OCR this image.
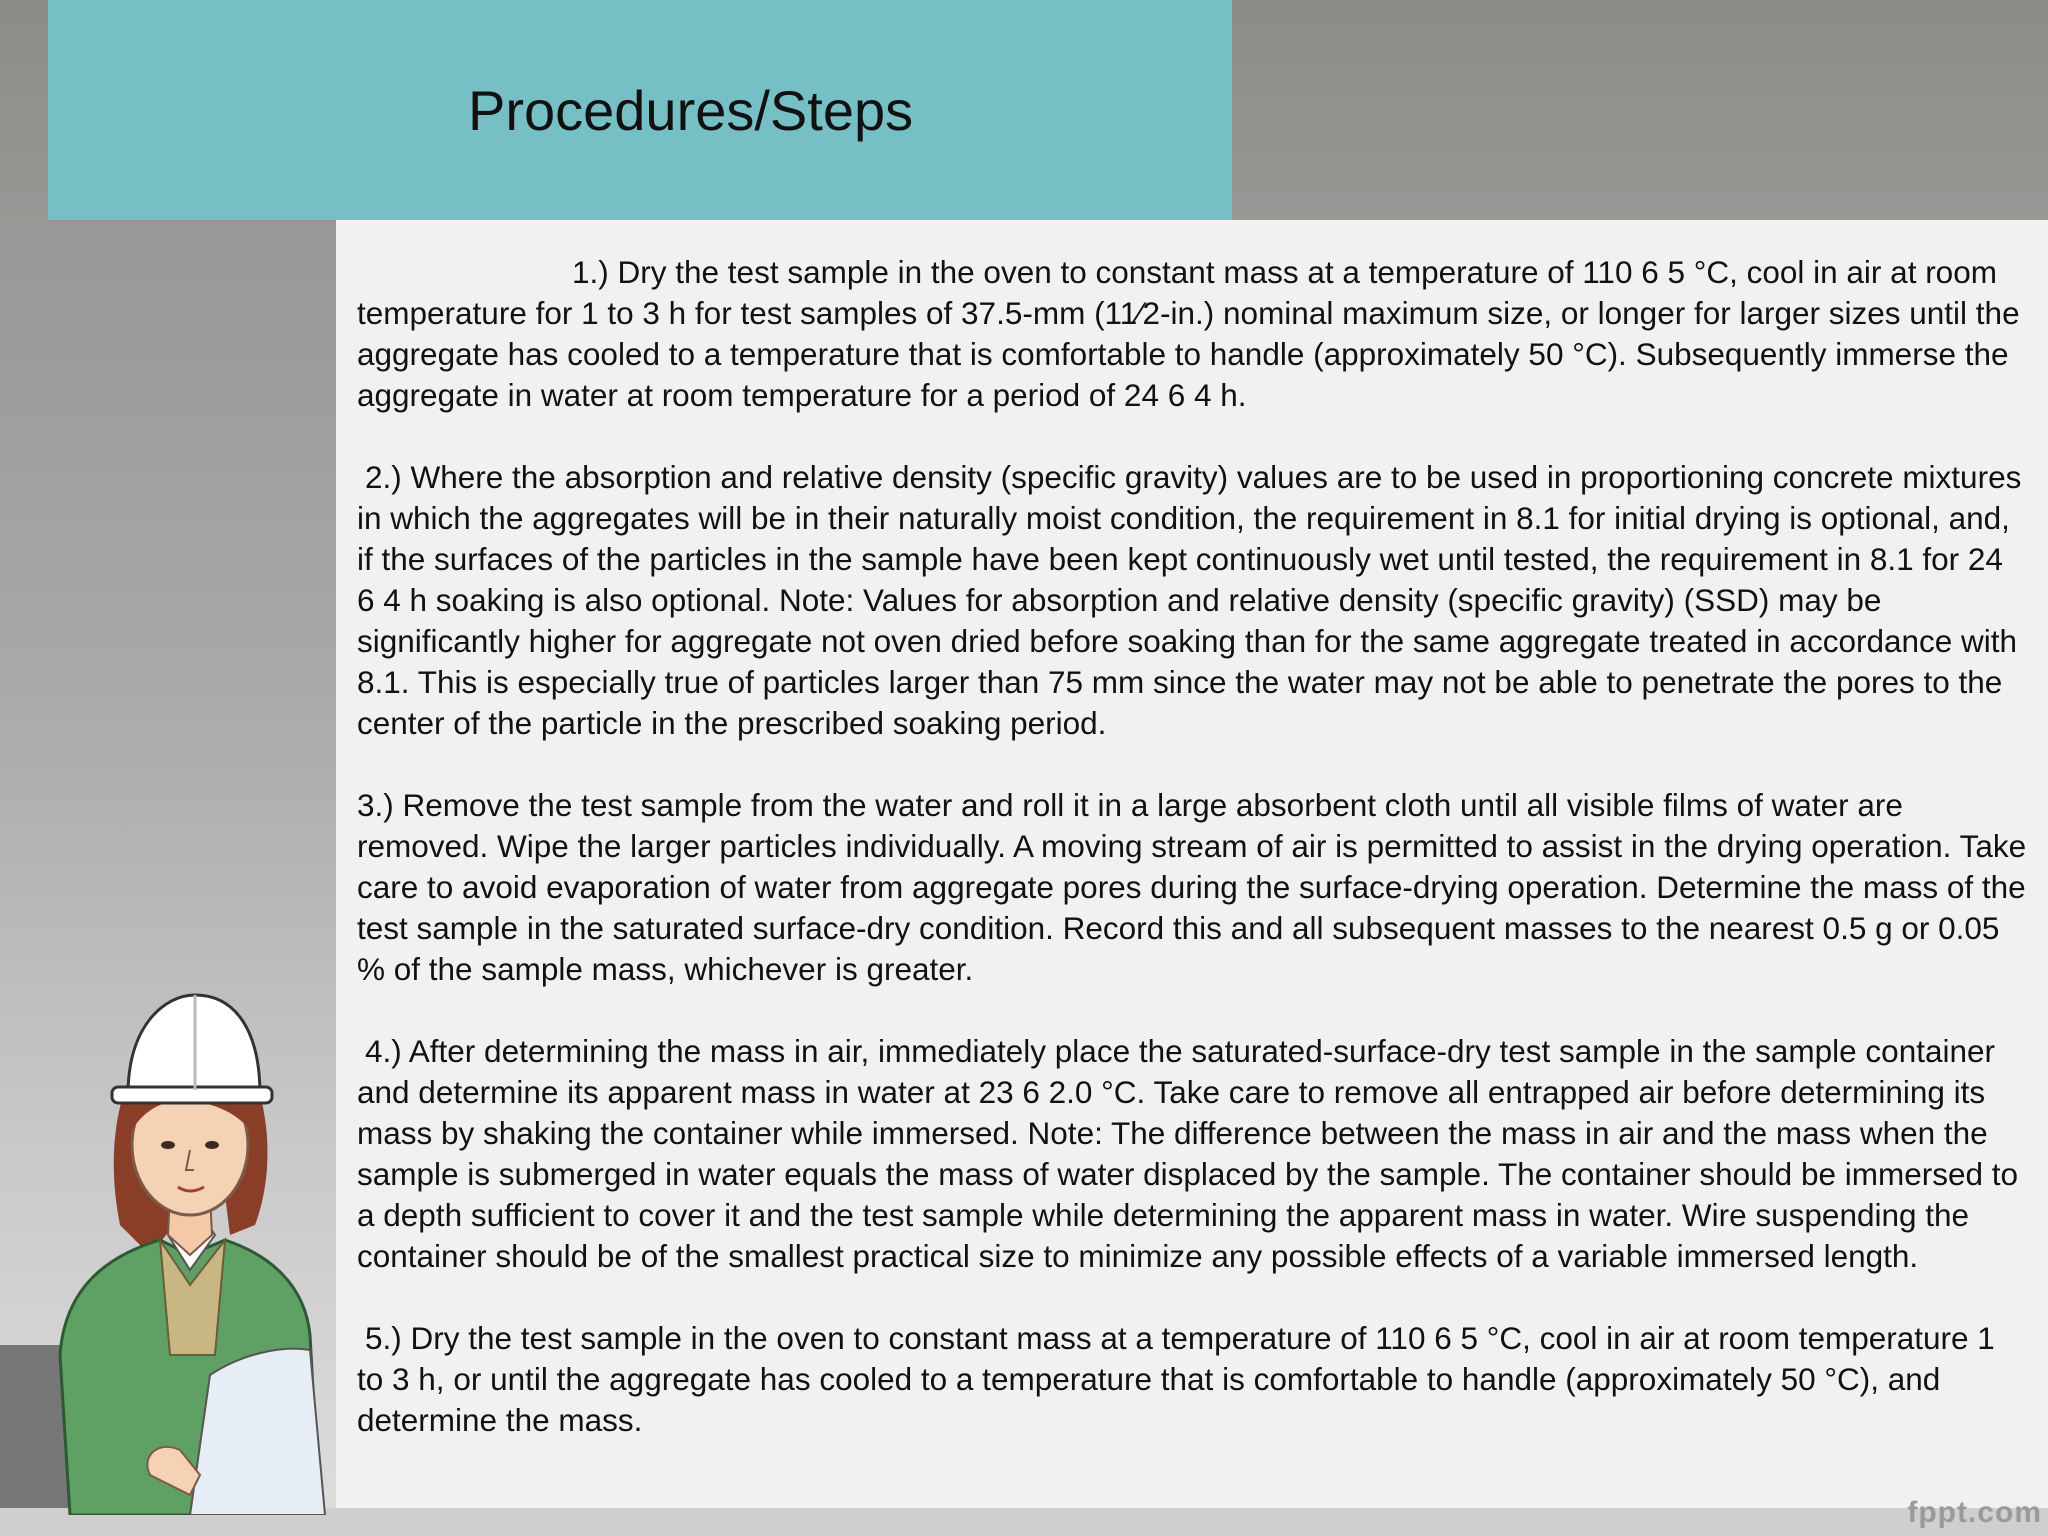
Procedures/Steps

1.) Dry the test sample in the oven to constant mass at a temperature of 110 6 5 °C, cool in air at room temperature for 1 to 3 h for test samples of 37.5-mm (11⁄2-in.) nominal maximum size, or longer for larger sizes until the aggregate has cooled to a temperature that is comfortable to handle (approximately 50 °C). Subsequently immerse the aggregate in water at room temperature for a period of 24 6 4 h.

2.) Where the absorption and relative density (specific gravity) values are to be used in proportioning concrete mixtures in which the aggregates will be in their naturally moist condition, the requirement in 8.1 for initial drying is optional, and, if the surfaces of the particles in the sample have been kept continuously wet until tested, the requirement in 8.1 for 24 6 4 h soaking is also optional. Note: Values for absorption and relative density (specific gravity) (SSD) may be significantly higher for aggregate not oven dried before soaking than for the same aggregate treated in accordance with 8.1. This is especially true of particles larger than 75 mm since the water may not be able to penetrate the pores to the center of the particle in the prescribed soaking period.

3.) Remove the test sample from the water and roll it in a large absorbent cloth until all visible films of water are removed. Wipe the larger particles individually. A moving stream of air is permitted to assist in the drying operation. Take care to avoid evaporation of water from aggregate pores during the surface-drying operation. Determine the mass of the test sample in the saturated surface-dry condition. Record this and all subsequent masses to the nearest 0.5 g or 0.05 % of the sample mass, whichever is greater.

4.) After determining the mass in air, immediately place the saturated-surface-dry test sample in the sample container and determine its apparent mass in water at 23 6 2.0 °C. Take care to remove all entrapped air before determining its mass by shaking the container while immersed. Note: The difference between the mass in air and the mass when the sample is submerged in water equals the mass of water displaced by the sample. The container should be immersed to a depth sufficient to cover it and the test sample while determining the apparent mass in water. Wire suspending the container should be of the smallest practical size to minimize any possible effects of a variable immersed length.

5.) Dry the test sample in the oven to constant mass at a temperature of 110 6 5 °C, cool in air at room temperature 1 to 3 h, or until the aggregate has cooled to a temperature that is comfortable to handle (approximately 50 °C), and determine the mass.

fppt.com
